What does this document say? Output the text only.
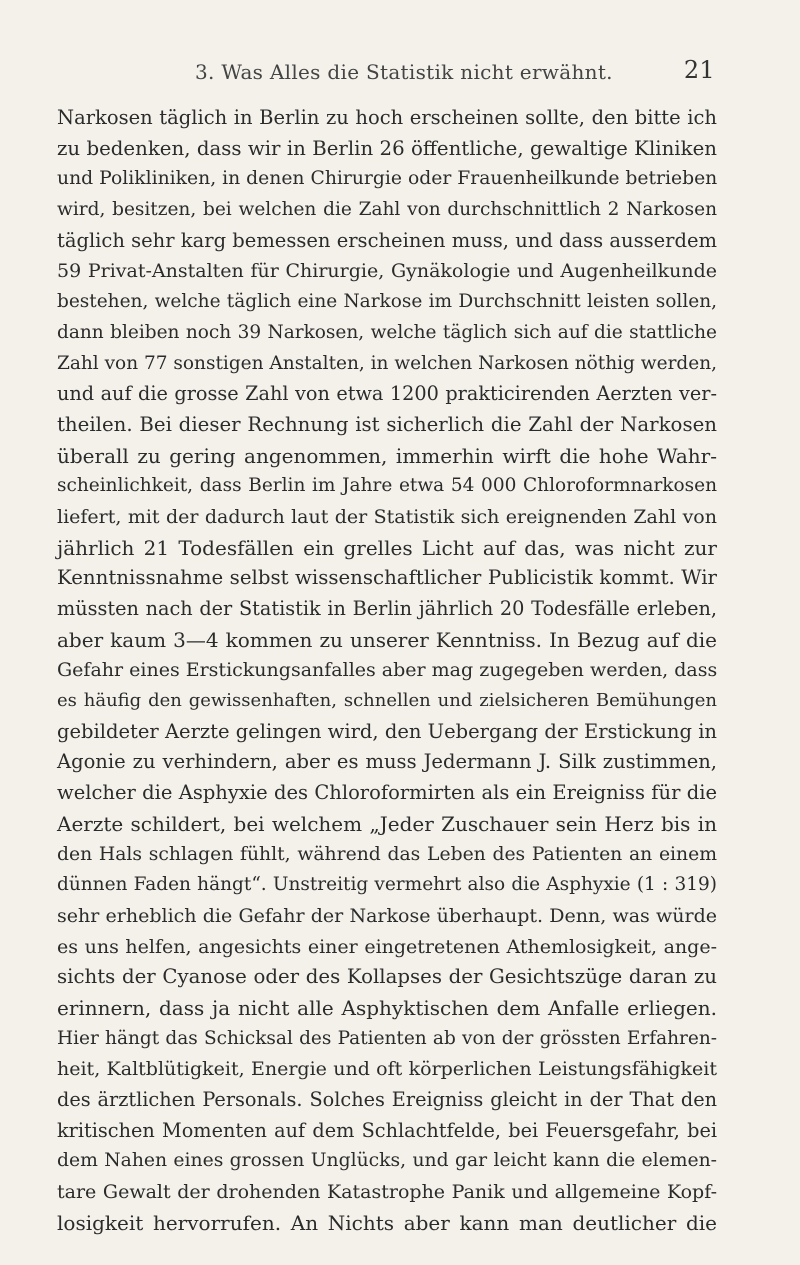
3. Was Alles die Statistik nicht erwähnt.	21
Narkosen täglich in Berlin zu hoch erscheinen sollte, den bitte ich
zu bedenken, dass wir in Berlin 26 öffentliche, gewaltige Kliniken
und Polikliniken, in denen Chirurgie oder Frauenheilkunde betrieben
wird, besitzen, bei welchen die Zahl von durchschnittlich 2 Narkosen
täglich sehr karg bemessen erscheinen muss, und dass ausserdem
59 Privat-Anstalten für Chirurgie, Gynäkologie und Augenheilkunde
bestehen, welche täglich eine Narkose im Durchschnitt leisten sollen,
dann bleiben noch 39 Narkosen, welche täglich sich auf die stattliche
Zahl von 77 sonstigen Anstalten, in welchen Narkosen nöthig werden,
und auf die grosse Zahl von etwa 1200 prakticirenden Aerzten ver-
theilen. Bei dieser Rechnung ist sicherlich die Zahl der Narkosen
überall zu gering angenommen, immerhin wirft die hohe Wahr-
scheinlichkeit, dass Berlin im Jahre etwa 54 000 Chloroformnarkosen
liefert, mit der dadurch laut der Statistik sich ereignenden Zahl von
jährlich 21 Todesfällen ein grelles Licht auf das, was nicht zur
Kenntnissnahme selbst wissenschaftlicher Publicistik kommt. Wir
müssten nach der Statistik in Berlin jährlich 20 Todesfälle erleben,
aber kaum 3—4 kommen zu unserer Kenntniss. In Bezug auf die
Gefahr eines Erstickungsanfalles aber mag zugegeben werden, dass
es häufig den gewissenhaften, schnellen und zielsicheren Bemühungen
gebildeter Aerzte gelingen wird, den Uebergang der Erstickung in
Agonie zu verhindern, aber es muss Jedermann J. Silk zustimmen,
welcher die Asphyxie des Chloroformirten als ein Ereigniss für die
Aerzte schildert, bei welchem „Jeder Zuschauer sein Herz bis in
den Hals schlagen fühlt, während das Leben des Patienten an einem
dünnen Faden hängt“. Unstreitig vermehrt also die Asphyxie (1 : 319)
sehr erheblich die Gefahr der Narkose überhaupt. Denn, was würde
es uns helfen, angesichts einer eingetretenen Athemlosigkeit, ange-
sichts der Cyanose oder des Kollapses der Gesichtszüge daran zu
erinnern, dass ja nicht alle Asphyktischen dem Anfalle erliegen.
Hier hängt das Schicksal des Patienten ab von der grössten Erfahren-
heit, Kaltblütigkeit, Energie und oft körperlichen Leistungsfähigkeit
des ärztlichen Personals. Solches Ereigniss gleicht in der That den
kritischen Momenten auf dem Schlachtfelde, bei Feuersgefahr, bei
dem Nahen eines grossen Unglücks, und gar leicht kann die elemen-
tare Gewalt der drohenden Katastrophe Panik und allgemeine Kopf-
losigkeit hervorrufen. An Nichts aber kann man deutlicher die
